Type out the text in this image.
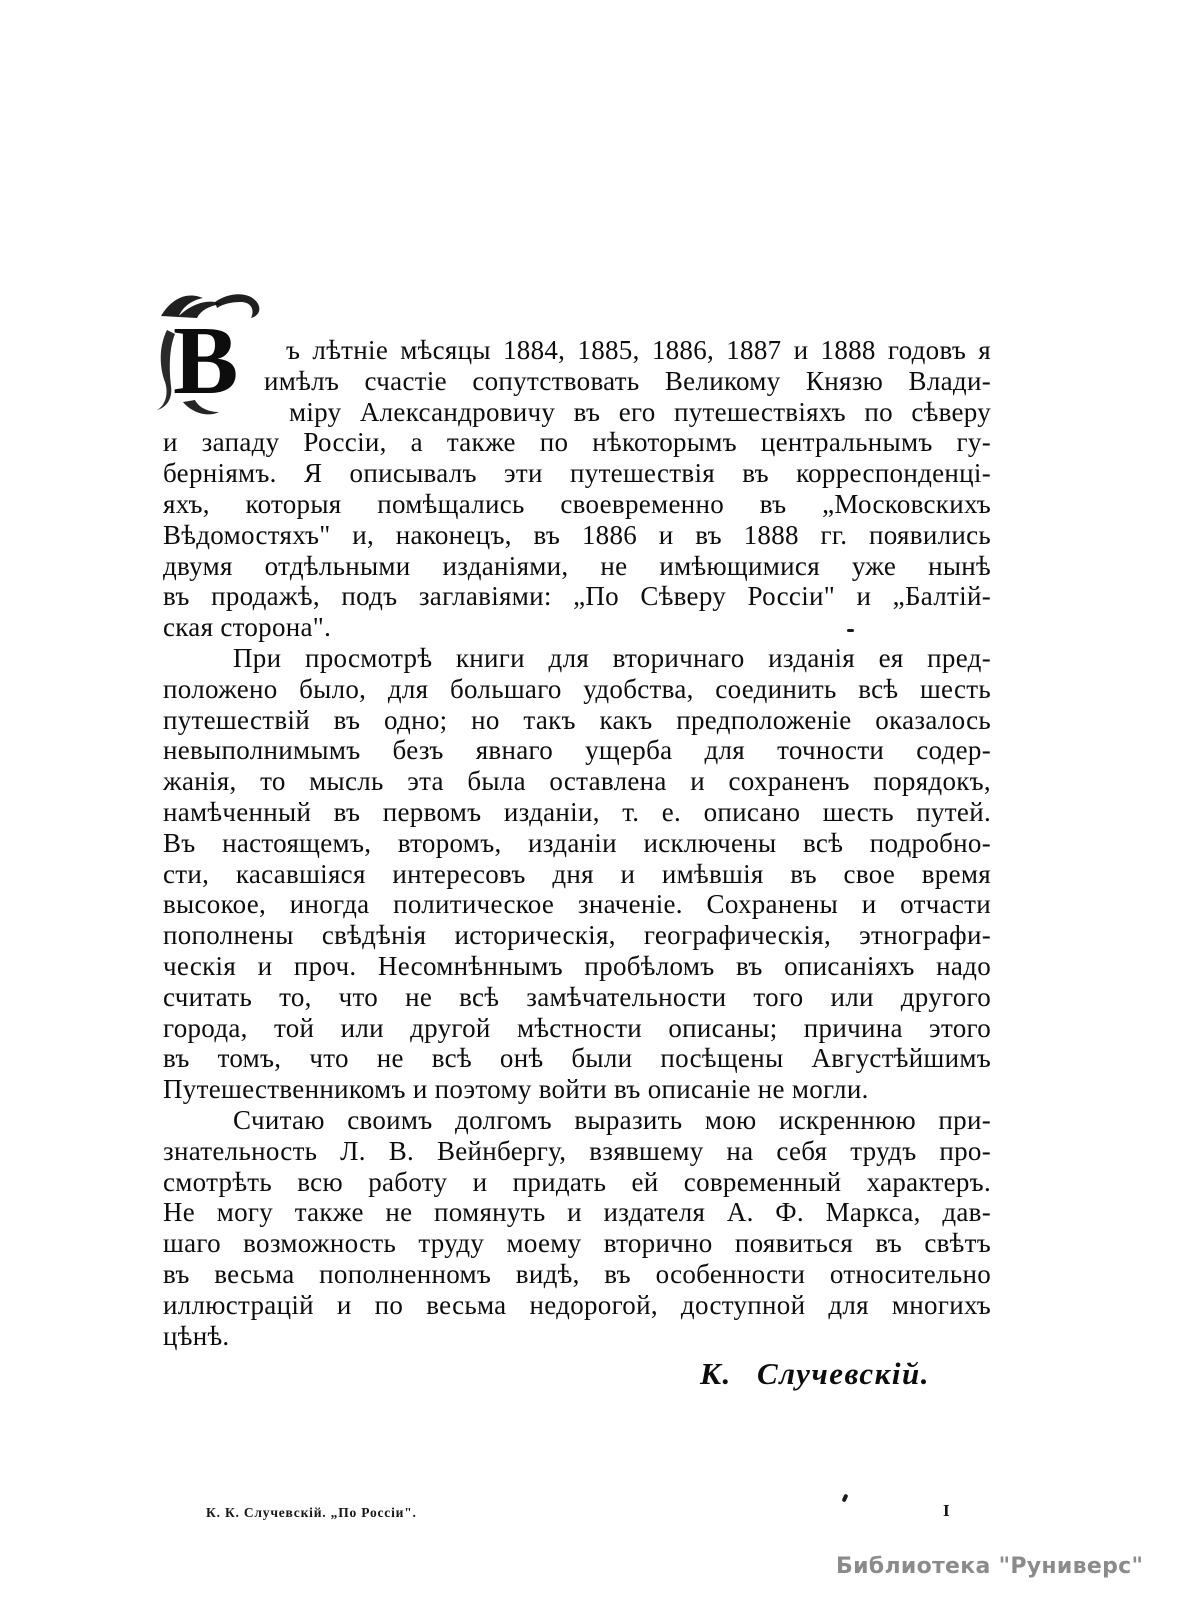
В	ъ лѣтніе мѣсяцы 1884, 1885, 1886, 1887 и 1888 годовъ я
имѣлъ счастіе сопутствовать Великому Князю Влади-
міру Александровичу въ его путешествіяхъ по сѣверу
и западу Россіи, а также по нѣкоторымъ центральнымъ гу-
берніямъ. Я описывалъ эти путешествія въ корреспонденці-
яхъ, которыя помѣщались своевременно въ „Московскихъ
Вѣдомостяхъ" и, наконецъ, въ 1886 и въ 1888 гг. появились
двумя отдѣльными изданіями, не имѣющимися уже нынѣ
въ продажѣ, подъ заглавіями: „По Сѣверу Россіи" и „Балтій-
ская сторона".
При просмотрѣ книги для вторичнаго изданія ея пред-
положено было, для большаго удобства, соединить всѣ шесть
путешествій въ одно; но такъ какъ предположеніе оказалось
невыполнимымъ безъ явнаго ущерба для точности содер-
жанія, то мысль эта была оставлена и сохраненъ порядокъ,
намѣченный въ первомъ изданіи, т. е. описано шесть путей.
Въ настоящемъ, второмъ, изданіи исключены всѣ подробно-
сти, касавшіяся интересовъ дня и имѣвшія въ свое время
высокое, иногда политическое значеніе. Сохранены и отчасти
пополнены свѣдѣнія историческія, географическія, этнографи-
ческія и проч. Несомнѣннымъ пробѣломъ въ описаніяхъ надо
считать то, что не всѣ замѣчательности того или другого
города, той или другой мѣстности описаны; причина этого
въ томъ, что не всѣ онѣ были посѣщены Августѣйшимъ
Путешественникомъ и поэтому войти въ описаніе не могли.
Считаю своимъ долгомъ выразить мою искреннюю при-
знательность Л. В. Вейнбергу, взявшему на себя трудъ про-
смотрѣть всю работу и придать ей современный характеръ.
Не могу также не помянуть и издателя А. Ф. Маркса, дав-
шаго возможность труду моему вторично появиться въ свѣтъ
въ весьма пополненномъ видѣ, въ особенности относительно
иллюстрацій и по весьма недорогой, доступной для многихъ
цѣнѣ.
К. Случевскій.
К. К. Случевскій. „По Россіи".	I
Библиотека "Руниверс"
